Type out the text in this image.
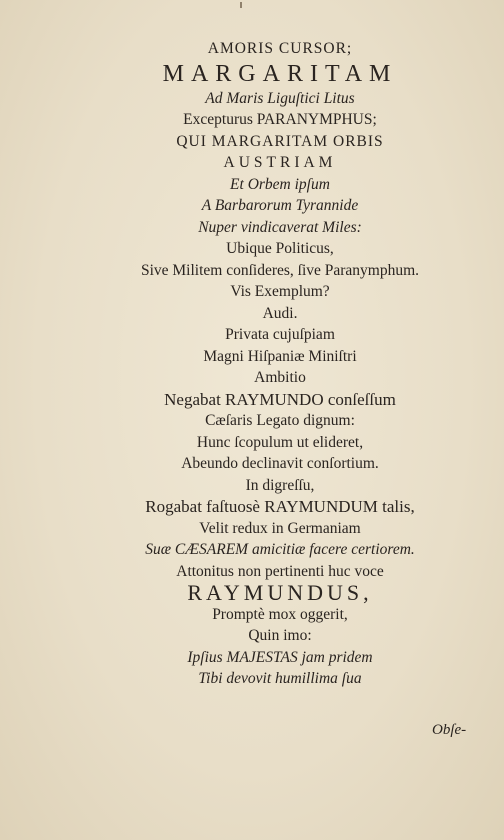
AMORIS CURSOR;
MARGARITAM
Ad Maris Liguſtici Litus
Excepturus PARANYMPHUS;
QUI MARGARITAM ORBIS
AUSTRIAM
Et Orbem ipſum
A Barbarorum Tyrannide
Nuper vindicaverat Miles:
Ubique Politicus,
Sive Militem conſideres, ſive Paranymphum.
Vis Exemplum?
Audi.
Privata cujuſpiam
Magni Hiſpaniæ Miniſtri
Ambitio
Negabat RAYMUNDO conſeſſum
Cæſaris Legato dignum:
Hunc ſcopulum ut elideret,
Abeundo declinavit conſortium.
In digreſſu,
Rogabat faſtuosè RAYMUNDUM talis,
Velit redux in Germaniam
Suæ CÆSAREM amicitiæ facere certiorem.
Attonitus non pertinenti huc voce
RAYMUNDUS,
Promptè mox oggerit,
Quin imo:
Ipſius MAJESTAS jam pridem
Tibi devovit humillima ſua
Obſe-
